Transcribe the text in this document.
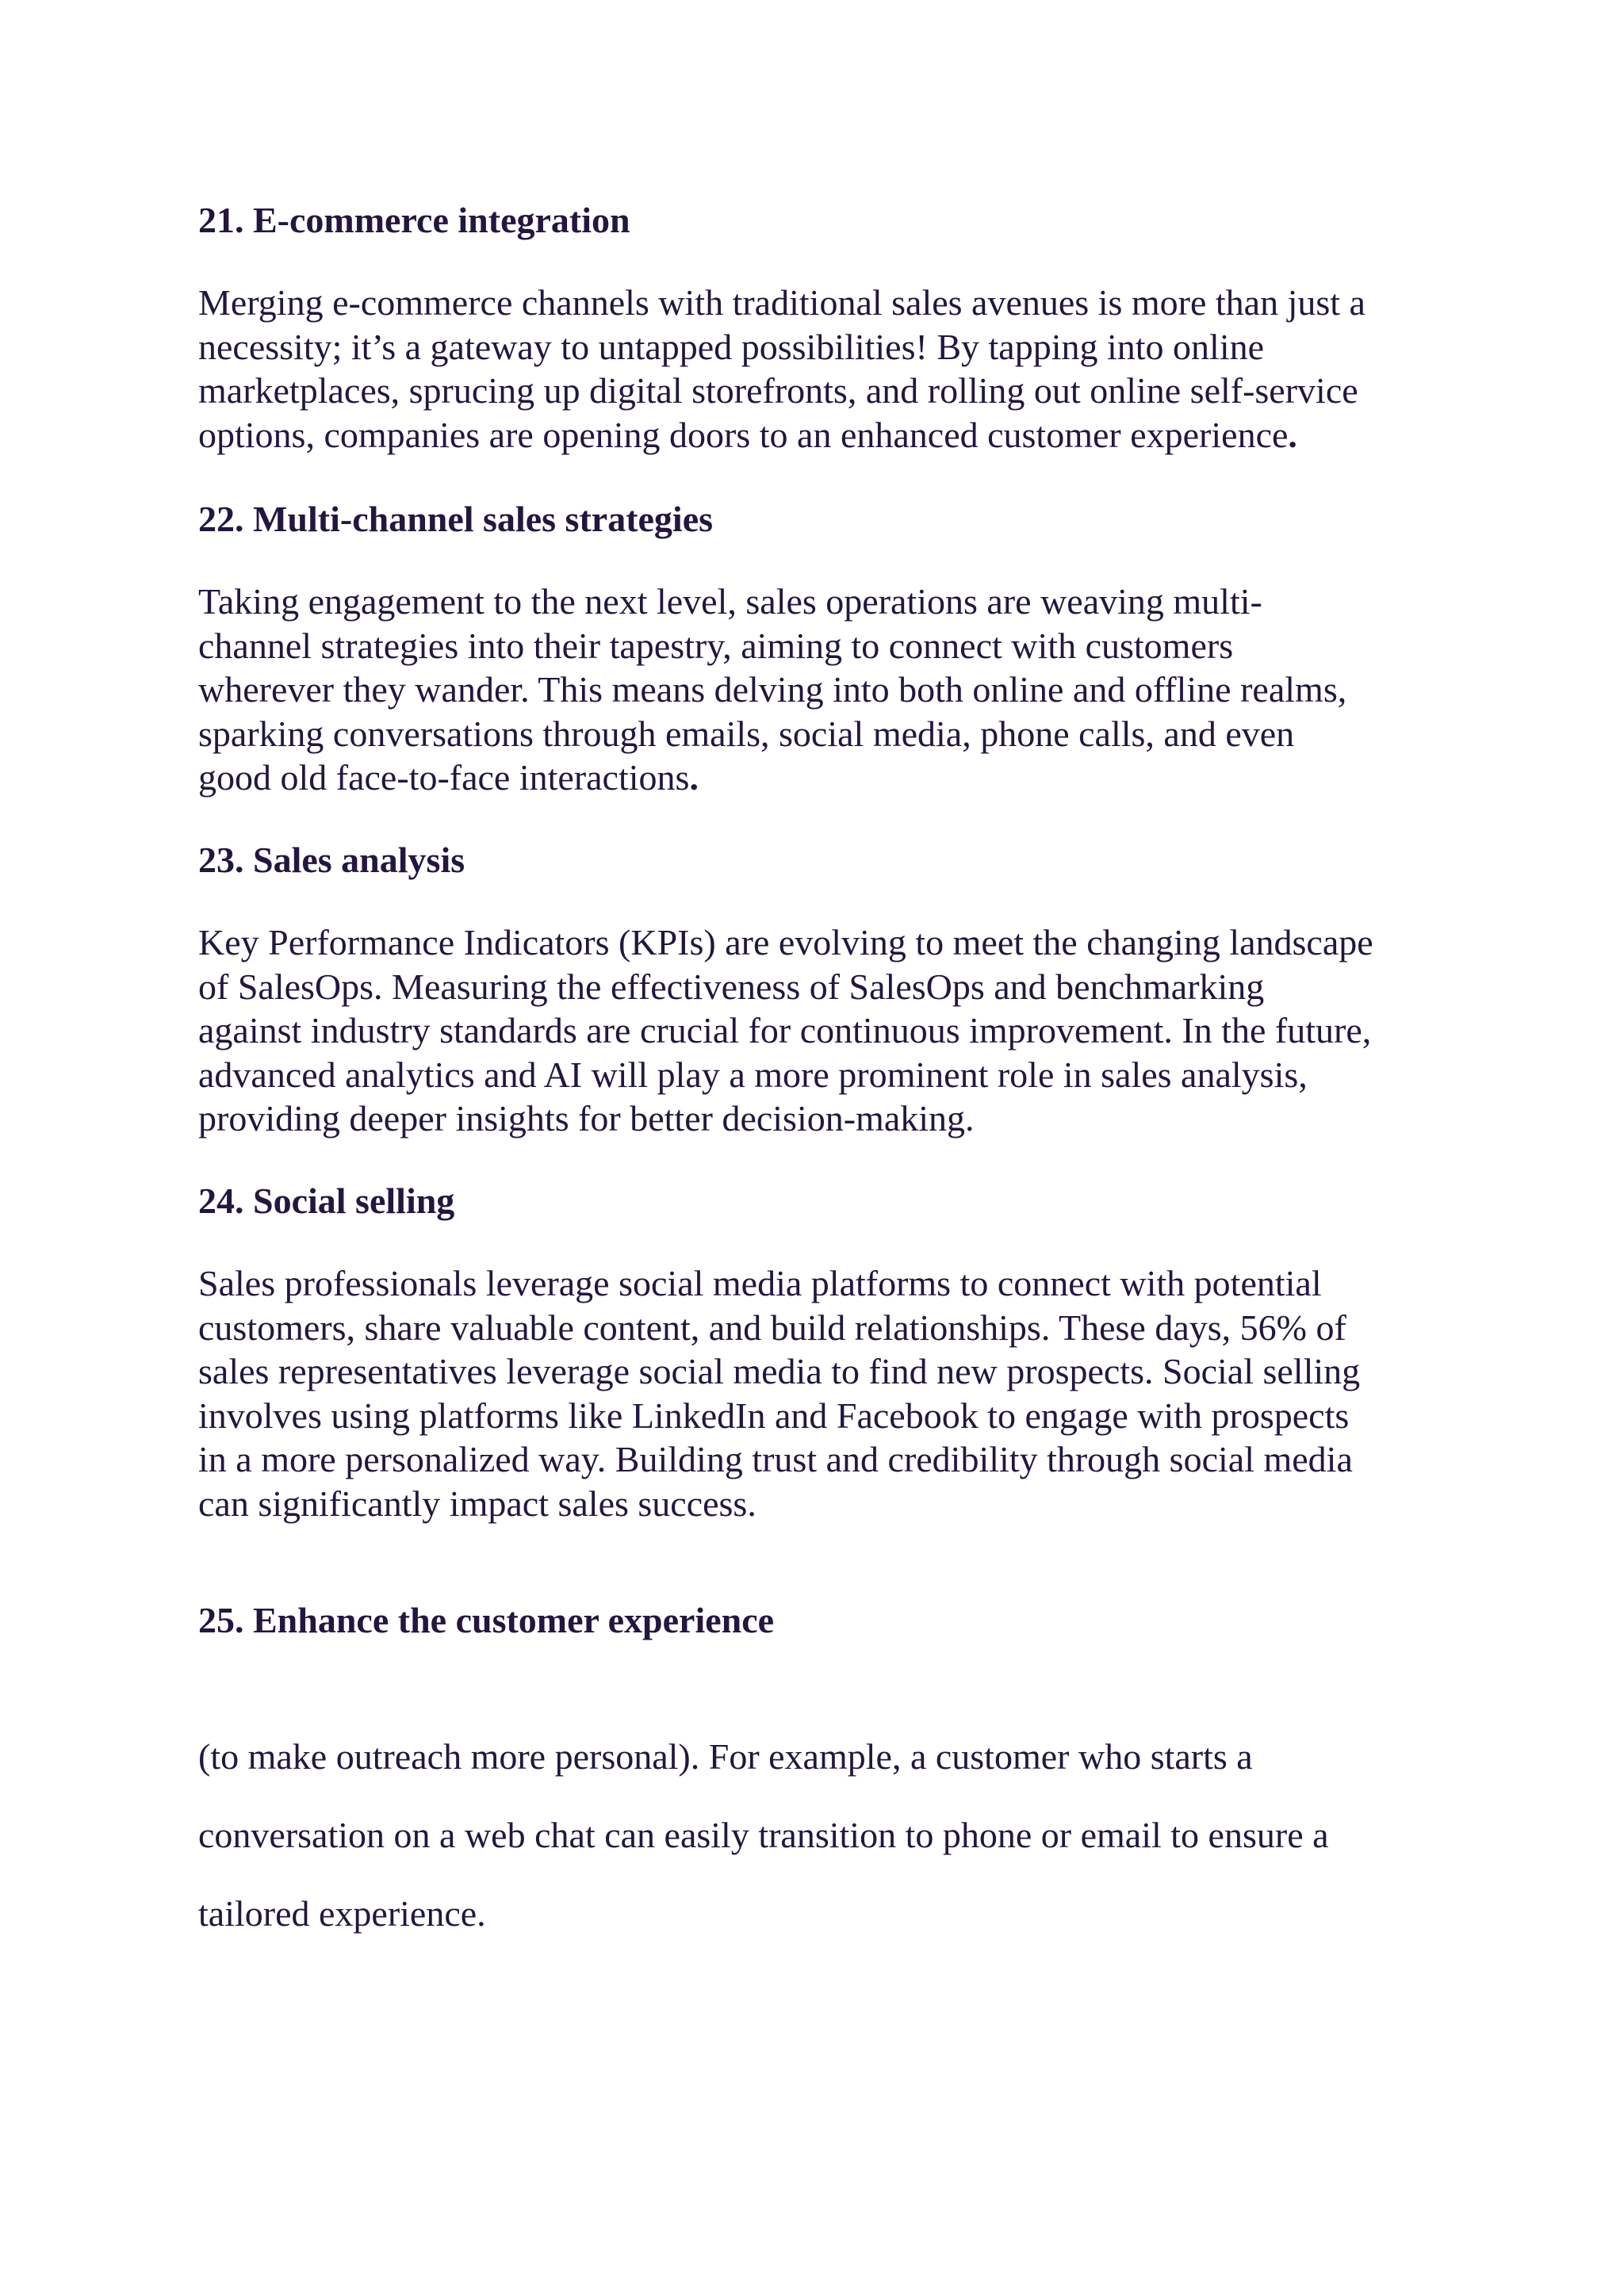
21. E-commerce integration

Merging e-commerce channels with traditional sales avenues is more than just a
necessity; it’s a gateway to untapped possibilities! By tapping into online
marketplaces, sprucing up digital storefronts, and rolling out online self-service
options, companies are opening doors to an enhanced customer experience.

22. Multi-channel sales strategies

Taking engagement to the next level, sales operations are weaving multi-
channel strategies into their tapestry, aiming to connect with customers
wherever they wander. This means delving into both online and offline realms,
sparking conversations through emails, social media, phone calls, and even
good old face-to-face interactions.

23. Sales analysis

Key Performance Indicators (KPIs) are evolving to meet the changing landscape
of SalesOps. Measuring the effectiveness of SalesOps and benchmarking
against industry standards are crucial for continuous improvement. In the future,
advanced analytics and AI will play a more prominent role in sales analysis,
providing deeper insights for better decision-making.

24. Social selling

Sales professionals leverage social media platforms to connect with potential
customers, share valuable content, and build relationships. These days, 56% of
sales representatives leverage social media to find new prospects. Social selling
involves using platforms like LinkedIn and Facebook to engage with prospects
in a more personalized way. Building trust and credibility through social media
can significantly impact sales success.

25. Enhance the customer experience

(to make outreach more personal). For example, a customer who starts a
conversation on a web chat can easily transition to phone or email to ensure a
tailored experience.
